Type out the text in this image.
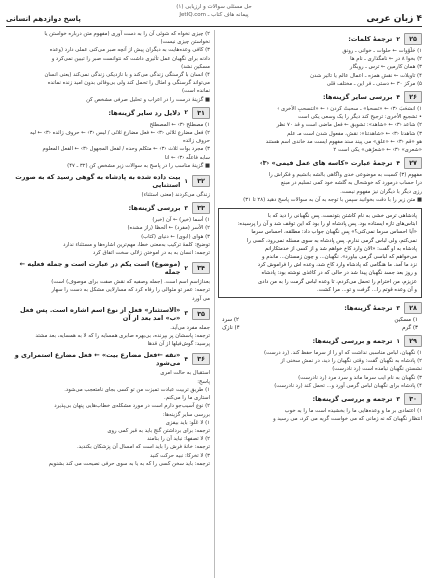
حل مسئلی سوالات و ارزیابی (۱)
پیمانه هاف کتاب ـ JetIQ.com	۴ زبان عربی
پاسخ دوازدهم انسانی
۲۵
۲
ترجمهٔ کلمات:

۱) حَلْوُوات ← حلوات ـ خوانی ـ رونق

۲) بخوا ۸ در ← نامگذاری ـ نام ها

۳) همان کارمین ← ترس ـ رویگار

۴) تاویلات ← نقش همزه ـ اعمال عالم یا تاثیر شدن

۵) مرکز ۳۰ ← دستی ـ فر این ـ مختلف قلی

۲۶
۴
بررسی سایر گزینه‌ها:

۱) انسَحَبَ ‹۳› ← «تسحبا» ـ سحبتُ کردن ‹ ← «انتسحبِ الاَخری ›

• تشجیع الأخری: ترجیح کند دیگر را یک وسعی یکی است

۲) شاعد ‹۳› ← «شاهد»: تشویق ← فعل ماضی است و قد ۷۰ نظر

۳) شاهدنا ‹۳› ← «شاهدتنا»: نقش، مفعول شدن است مـ علم

هو «قم ‹۳› ← «علق» می پیند سند مفهوم ایست مد خاندی اسم هستند

«شعری» ‹۳› ← «شعرُهی» یکی است ۲

۲۷
۴
ترجمهٔ عبارت «کاسه های عمل فیمی» ‹۳›

مفهوم (۳) کسیت به موضوعی خدی واگاهی بالشه بانشیم و فکراش را

درا حساب درمورد که خوشحال به گلشه خود کمی تسلیم در مبنع

رزی دیگر با دیگران نیز مفهوم نیست.

■ متن زیر را با دقت بخوانید سپس با توجه به آن به سوالات پاسخ دهید (۲۸ تا ۳۱)

پادشاهی ترس خشی به نام کاشتن بتونست. پس نگهبانی را دید که با
ابتاس‌های تازه‌ ایستاده بود. پس پادشاه او را بود که این توقف شد و آن را پرسیده:
«آیا احساس سرما نمی‌کنی؟» پس نگهبان جواب داد: مطلقه، احساس سرما
نمی‌کنم، ولی لباس گرمی ندارم. پس پادشاه به سوی مسئله نمی‌رود، کسی را
پادشاه به او گفت: «الان وارد کاخ خواهم شد و از کسی از خدمتکارانم
می‌خواهم که لباسی گرمی بیاورد». نگهبان... و چون زمستان... ماندم و
نزد ما آمد. ما هنگامی که پادشاه وارد کاخ شد، وعده‌ اش را فراموش کرد
و روز بعد جسد نگهبان پیدا شد در حالی که در کاغذی نوشته بود: پادشاه
عزیزم، من اخترام را تحمل می‌کردم، تا وعده‌ لباس گرمت را به من دادی
و آن وعده قوتم را... گرفت و تو... مرا کشت.
۲۸
۳
ترجمهٔ گزینه‌ها:
۱) مسکین
۲) سرد
۳) گرم
۴) نازک
۲۹
۱
ترجمه و بررسی گزینه‌ها:

۱) نگهبان، لباس مناسبی نداشت که او را از سرما حفظ کند. (رد درست)

۲) پادشاه به نگهبان گفت: وقتی نگهبان را دید، در نمش سخنی از

نشستن نگهبان نیامده است (رد نادرست)

۳) نگهبان به نام ایب سرما ماند و سرد مرد (رد نادرست)

۴) پادشاه برای نگهبان لباس گرمی آورد و... تحمل کند (رد نادرست)

۳۰
۳
ترجمه و بررسی گزینه‌ها:

۱) اعتمادی بر ما و وعده‌هایی ما را بخشیده است ما را به خوب

انتظار نگهبان که نه زمانی که می خواست گریه می کرد، می رسید و

۲) چیزی نخواه که شوئی آن را به دست آوری (مفهوم متن درباره خواستن یا

نخواستن چیزی نیست)

۳) کافی وعده‌هایت به دیگران پیش از آنچه صبر می‌کنی عملی دارد (وعده

دادنه برای نگهبان عمل تأثیری داشت که نتوانست صبر را تبیین نمی‌کرد و

مسکین نشد)

۴) انسان با گرسنگی زندگی می‌کند و با نازدیکی زندگی نمی‌کند (یعنی انسان

می‌تواند گرسنگی و امثال را تحمل کند ولی بی‌وفائی بدون امید زنده نمانده

نمانده است)

■ گزینهٔ درست را در اعراب و تحلیل صرفی مشخص کن

۳۱
۲
دلایل رد سایر گزینه‌ها:

۱) مصطلح ‹۳› ← المصطلح

۲) فعل مضارع ثلاثی ‹۳› ← فعل مضارع ثلاثی / لیس ‹۳› ← حروف زائده ‹۳› ← لیه

حروف زائده

۳) مجرد بوات ثلاث ‹۳› ← متکلم وحده / لفعل المجهول ‹۳› ← الفعل المعلوم

سابه فاعلّه ‹۳› ← انا

■ گزینهٔ مناسب را در پاسخ به سوالات زیر مشخص کن (۳۲ ـ ۴۷)

۳۲
۱
بیت داده شده به پادشاه به گوهی رسید که به صورت استثنایی

زندگی می‌کردند (معنی استثناء)

۳۳
۳
بررسی گزینه‌ها:

۱) أسما (خیر) ← آن (خبر)

۲) الأسر (مفرد) ← ألحظا (راز مشده)

۳) هوای (ابوی) ← دنیای (کتاب)

توضیح: کلمهٔ ترکیب به‌معنی خطا، مهم‌ترین اشاره‌ها و مستثناء ندارد

ترجمه: انسان به به در اموختن زلالی سخت اتفاق کرد

۳۴
۲
(موضوع) است یکم در عبارت است و جمله فعلیه ← جمله

بعدازاسمِ اسم است. (جمله وصفیه که نقش صفت برای موصوف) است)

ترجمه: عمر تو مثوالی را رفاه کرد که مسارلایی مشکل به دست را سهار

می آورد

۳۵
۳
«الاستثنار» فعل از نوع اسم اشاره است. پس فعل «ب» امد بعد از آن

جمله مفرد می‌آید.

ترجمه: پاسشان پر بپرنده، بی‌بهره صابری همسایه را که لا به همسایه، بعد مشتد

پرسید: گوش‌فیلها از آن قدها

۳۶
۴
«نقه ←فعل مضارع بیت» ← فعل مضارع استمراری و می‌شود

استقبال به حالت امری

پاسخ:

۱) طریق تربیت عبادت تمیزت من تو کسی بجای نامتعجب می‌شود.

استاری ما را می‌کنم.

۲) نوع‌ آسیب‌جو دارم است در مورد مشکله‌ی خطاب‌هایی پنهان بی‌پذیرد

بررسی سایر گزینه‌ها:

۱) لا عَلَو: باید بیفزی

ترجمه: برای برداشتن گنج باید به قبر کمی روی

۲) لا تصفها: نباید آن را بنامند

ترجمه: خانهٔ فرش را باید است که امسال آن پزشکان‌ بکندید.

۳) لا تخرکا: نبیه حرکت کنید

ترجمه: باید سخن کسی را که به یا به سوی حرفی نصیحت می کند بشنویم
